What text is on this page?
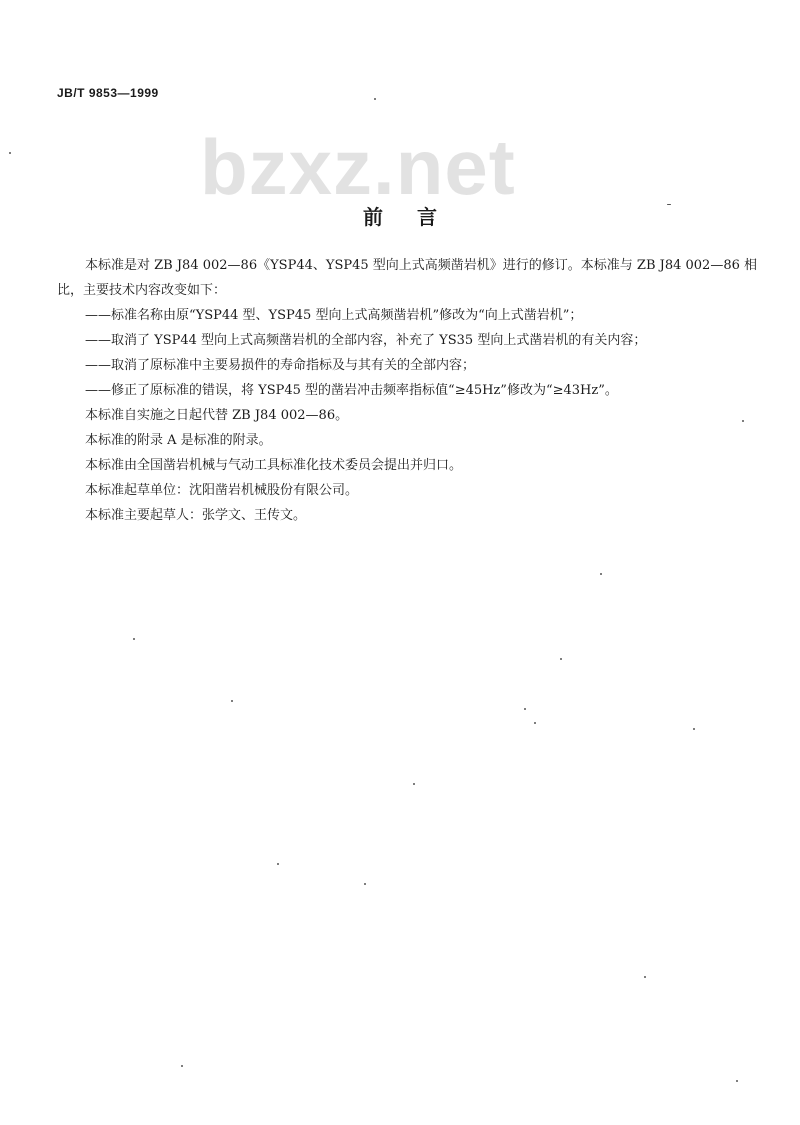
JB/T 9853—1999
bzxz.net
前言

本标准是对 ZB J84 002—86《YSP44、YSP45 型向上式高频凿岩机》进行的修订。本标准与 ZB J84 002—86 相比，主要技术内容改变如下：

——标准名称由原“YSP44 型、YSP45 型向上式高频凿岩机”修改为“向上式凿岩机”；

——取消了 YSP44 型向上式高频凿岩机的全部内容，补充了 YS35 型向上式凿岩机的有关内容；

——取消了原标准中主要易损件的寿命指标及与其有关的全部内容；

——修正了原标准的错误，将 YSP45 型的凿岩冲击频率指标值“≥45Hz”修改为“≥43Hz”。

本标准自实施之日起代替 ZB J84 002—86。

本标准的附录 A 是标准的附录。

本标准由全国凿岩机械与气动工具标准化技术委员会提出并归口。

本标准起草单位：沈阳凿岩机械股份有限公司。

本标准主要起草人：张学文、王传文。
